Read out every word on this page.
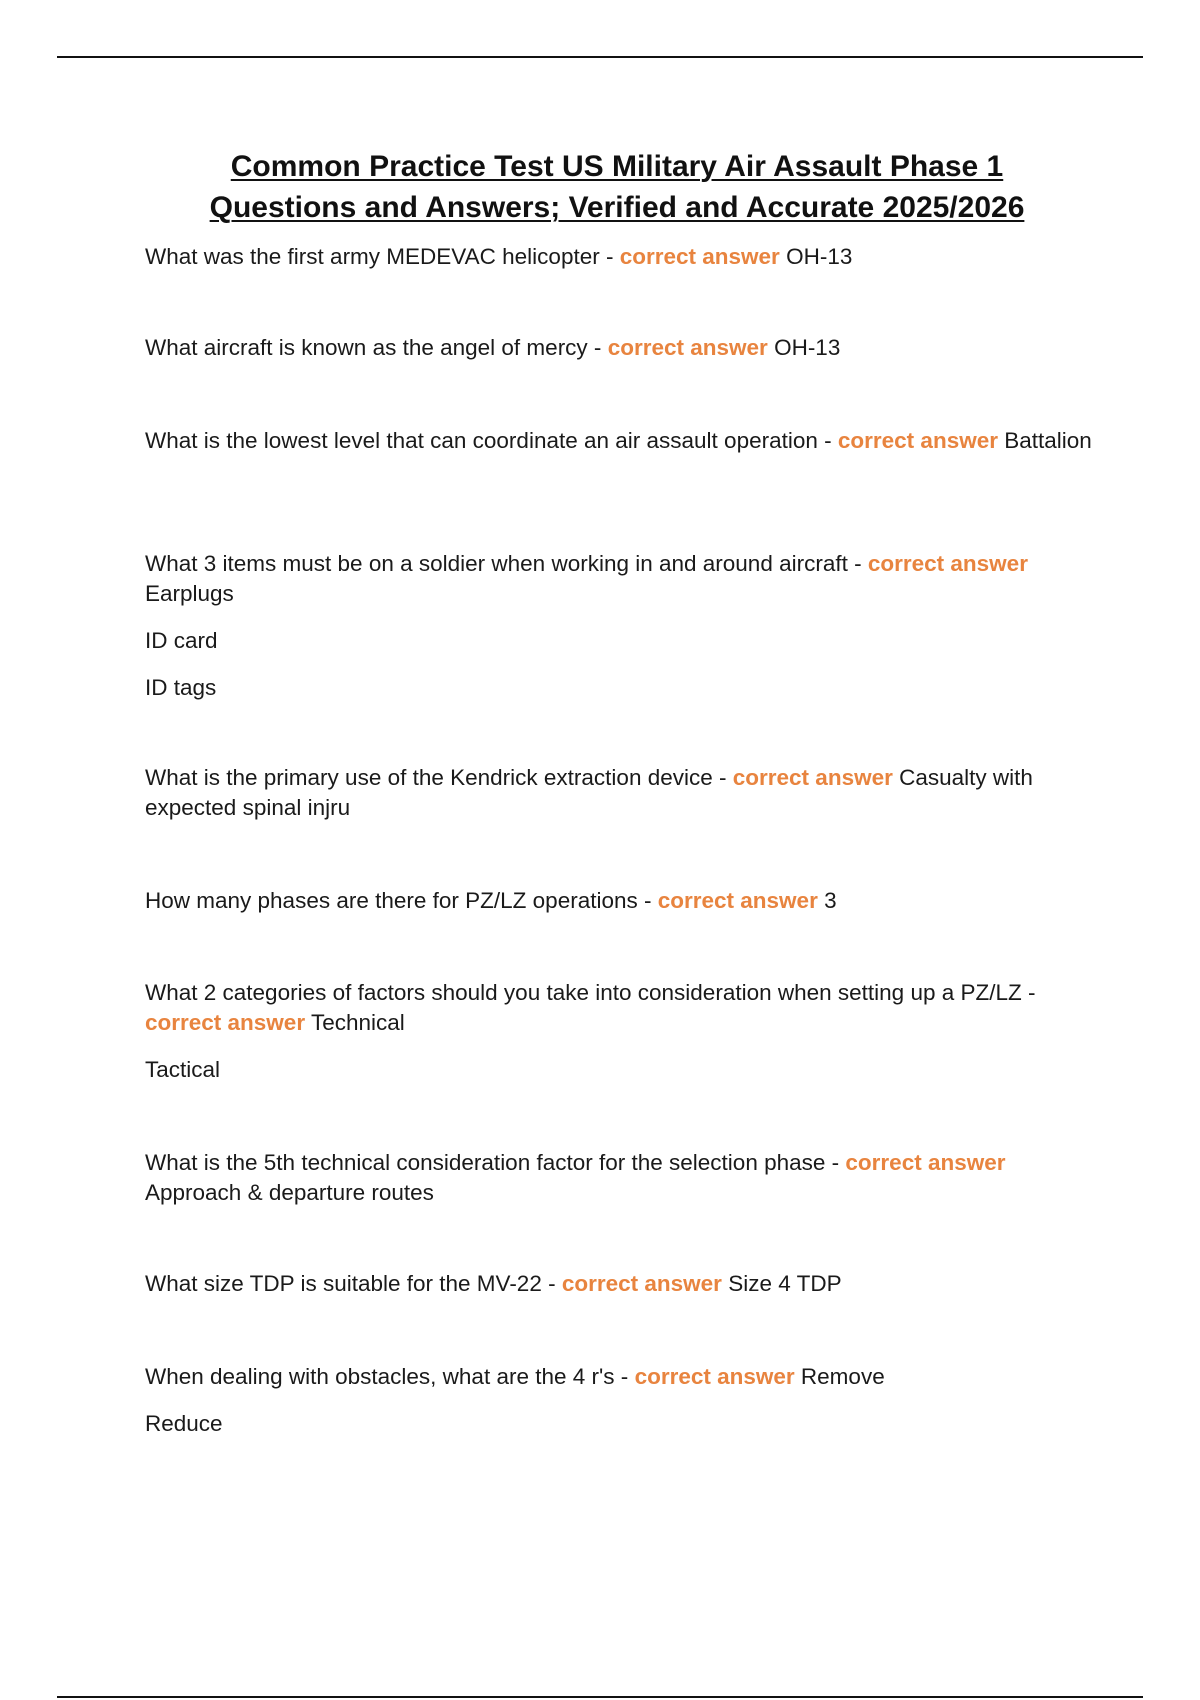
Common Practice Test US Military Air Assault Phase 1
Questions and Answers; Verified and Accurate 2025/2026

What was the first army MEDEVAC helicopter - correct answer OH-13

What aircraft is known as the angel of mercy - correct answer OH-13

What is the lowest level that can coordinate an air assault operation - correct answer Battalion

What 3 items must be on a soldier when working in and around aircraft - correct answer Earplugs

ID card

ID tags

What is the primary use of the Kendrick extraction device - correct answer Casualty with expected spinal injru

How many phases are there for PZ/LZ operations - correct answer 3

What 2 categories of factors should you take into consideration when setting up a PZ/LZ - correct answer Technical

Tactical

What is the 5th technical consideration factor for the selection phase - correct answer Approach & departure routes

What size TDP is suitable for the MV-22 - correct answer Size 4 TDP

When dealing with obstacles, what are the 4 r's - correct answer Remove

Reduce
